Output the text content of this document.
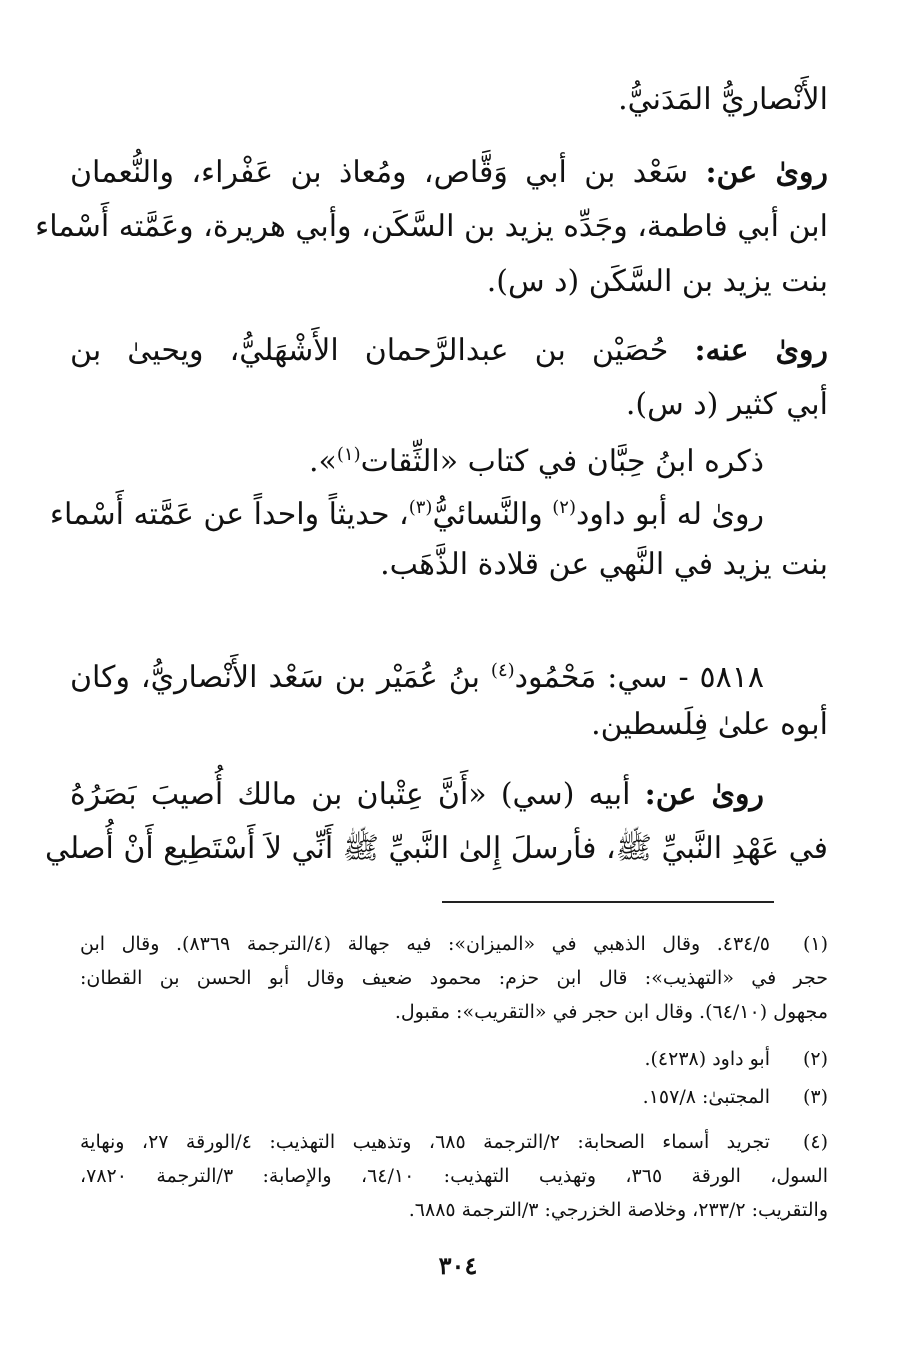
الأَنْصاريُّ المَدَنيُّ.
روىٰ عن: سَعْد بن أبي وَقَّاص، ومُعاذ بن عَفْراء، والنُّعمان
ابن أبي فاطمة، وجَدِّه يزيد بن السَّكَن، وأبي هريرة، وعَمَّته أَسْماء
بنت يزيد بن السَّكَن (د س).
روىٰ عنه: حُصَيْن بن عبدالرَّحمان الأَشْهَليُّ، ويحيىٰ بن
أبي كثير (د س).
ذكره ابنُ حِبَّان في كتاب «الثِّقات$^{(١)}$».
روىٰ له أبو داود$^{(٢)}$ والنَّسائيُّ$^{(٣)}$، حديثاً واحداً عن عَمَّته أَسْماء
بنت يزيد في النَّهي عن قلادة الذَّهَب.
٥٨١٨ - سي: مَحْمُود$^{(٤)}$ بنُ عُمَيْر بن سَعْد الأَنْصاريُّ، وكان
أبوه علىٰ فِلَسطين.
روىٰ عن: أبيه (سي) «أَنَّ عِتْبان بن مالك أُصيبَ بَصَرُهُ
في عَهْدِ النَّبيِّ ﷺ، فأرسلَ إِلىٰ النَّبيِّ ﷺ أَنِّي لاَ أَسْتَطِيع أَنْ أُصلي
(١)
٤٣٤/٥. وقال الذهبي في «الميزان»: فيه جهالة (٤/الترجمة ٨٣٦٩). وقال ابن
حجر في «التهذيب»: قال ابن حزم: محمود ضعيف وقال أبو الحسن بن القطان:
مجهول (٦٤/١٠). وقال ابن حجر في «التقريب»: مقبول.
(٢)
أبو داود (٤٢٣٨).
(٣)
المجتبىٰ: ١٥٧/٨.
(٤)
تجريد أسماء الصحابة: ٢/الترجمة ٦٨٥، وتذهيب التهذيب: ٤/الورقة ٢٧، ونهاية
السول، الورقة ٣٦٥، وتهذيب التهذيب: ٦٤/١٠، والإصابة: ٣/الترجمة ٧٨٢٠،
والتقريب: ٢٣٣/٢، وخلاصة الخزرجي: ٣/الترجمة ٦٨٨٥.
٣٠٤
